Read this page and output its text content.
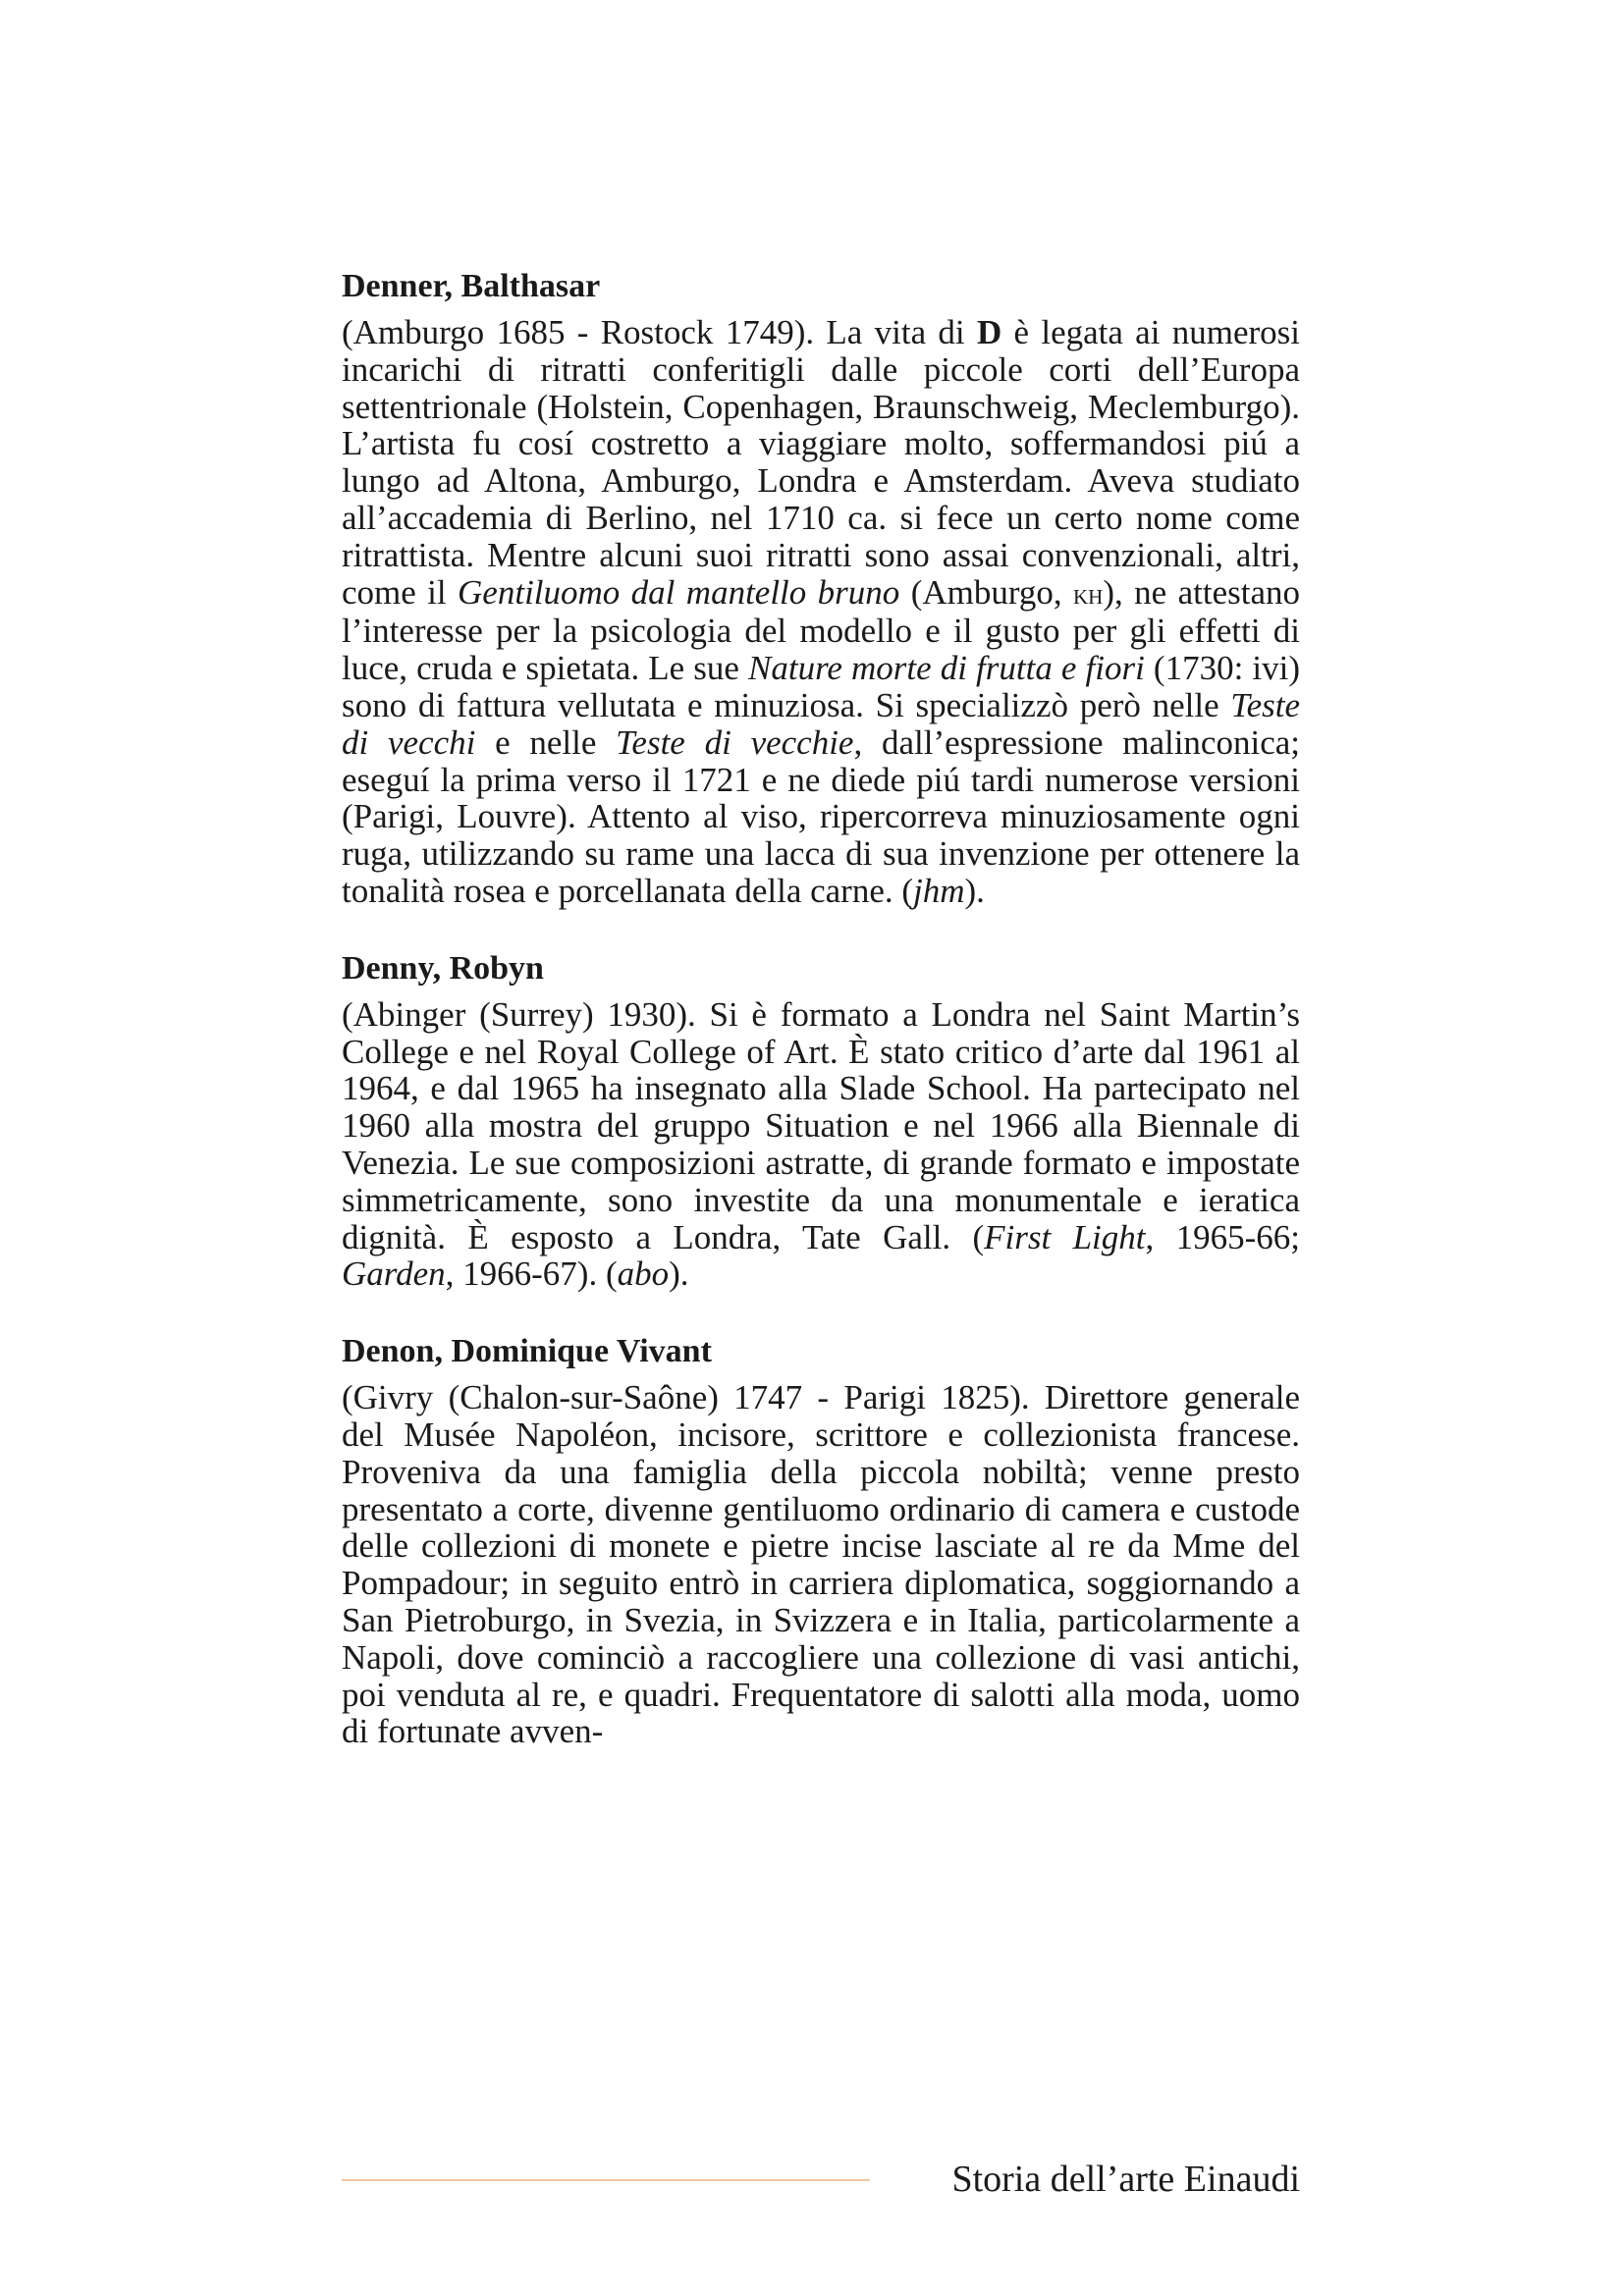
Denner, Balthasar

(Amburgo 1685 - Rostock 1749). La vita di D è legata ai numerosi incarichi di ritratti conferitigli dalle piccole corti dell’Europa settentrionale (Holstein, Copenhagen, Braunschweig, Meclemburgo). L’artista fu cosí costretto a viaggiare molto, soffermandosi piú a lungo ad Altona, Amburgo, Londra e Amsterdam. Aveva studiato all’accademia di Berlino, nel 1710 ca. si fece un certo nome come ritrattista. Mentre alcuni suoi ritratti sono assai convenzionali, altri, come il Gentiluomo dal mantello bruno (Amburgo, kh), ne attestano l’interesse per la psicologia del modello e il gusto per gli effetti di luce, cruda e spietata. Le sue Nature morte di frutta e fiori (1730: ivi) sono di fattura vellutata e minuziosa. Si specializzò però nelle Teste di vecchi e nelle Teste di vecchie, dall’espressione malinconica; eseguí la prima verso il 1721 e ne diede piú tardi numerose versioni (Parigi, Louvre). Attento al viso, ripercorreva minuziosamente ogni ruga, utilizzando su rame una lacca di sua invenzione per ottenere la tonalità rosea e porcellanata della carne. (jhm).

Denny, Robyn

(Abinger (Surrey) 1930). Si è formato a Londra nel Saint Martin’s College e nel Royal College of Art. È stato critico d’arte dal 1961 al 1964, e dal 1965 ha insegnato alla Slade School. Ha partecipato nel 1960 alla mostra del gruppo Situation e nel 1966 alla Biennale di Venezia. Le sue composizioni astratte, di grande formato e impostate simmetricamente, sono investite da una monumentale e ieratica dignità. È esposto a Londra, Tate Gall. (First Light, 1965-66; Garden, 1966-67). (abo).

Denon, Dominique Vivant

(Givry (Chalon-sur-Saône) 1747 - Parigi 1825). Direttore generale del Musée Napoléon, incisore, scrittore e collezionista francese. Proveniva da una famiglia della piccola nobiltà; venne presto presentato a corte, divenne gentiluomo ordinario di camera e custode delle collezioni di monete e pietre incise lasciate al re da Mme del Pompadour; in seguito entrò in carriera diplomatica, soggiornando a San Pietroburgo, in Svezia, in Svizzera e in Italia, particolarmente a Napoli, dove cominciò a raccogliere una collezione di vasi antichi, poi venduta al re, e quadri. Frequentatore di salotti alla moda, uomo di fortunate avven-

Storia dell’arte Einaudi
